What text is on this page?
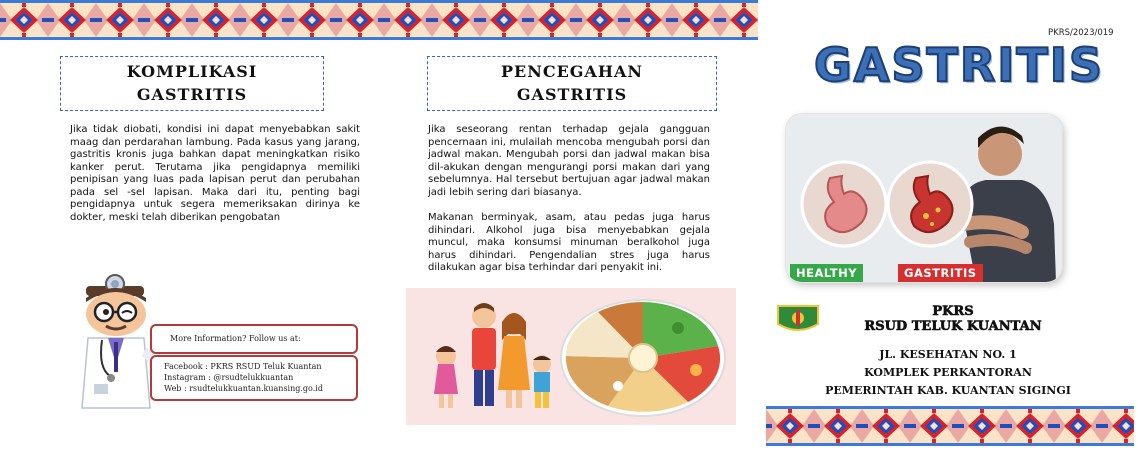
KOMPLIKASI
GASTRITIS
Jika tidak diobati, kondisi ini dapat menyebabkan sakit maag dan perdarahan lambung. Pada kasus yang jarang, gastritis kronis juga bahkan dapat meningkatkan risiko kanker perut. Terutama jika pengidapnya memiliki penipisan yang luas pada lapisan perut dan perubahan pada sel -sel lapisan. Maka dari itu, penting bagi pengidapnya untuk segera memeriksakan dirinya ke dokter, meski telah diberikan pengobatan
More Information? Follow us at:
Facebook : PKRS RSUD Teluk Kuantan
Instagram : @rsudtelukkuantan
Web : rsudtelukkuantan.kuansing.go.id
PENCEGAHAN
GASTRITIS
Jika seseorang rentan terhadap gejala gangguan pencernaan ini, mulailah mencoba mengubah porsi dan jadwal makan. Mengubah porsi dan jadwal makan bisa dil-akukan dengan mengurangi porsi makan dari yang sebelumnya. Hal tersebut bertujuan agar jadwal makan jadi lebih sering dari biasanya.
Makanan berminyak, asam, atau pedas juga harus dihindari. Alkohol juga bisa menyebabkan gejala muncul, maka konsumsi minuman beralkohol juga harus dihindari. Pengendalian stres juga harus dilakukan agar bisa terhindar dari penyakit ini.
PKRS/2023/019
GASTRITIS
HEALTHY	GASTRITIS
PKRS
RSUD TELUK KUANTAN
JL. KESEHATAN NO. 1
KOMPLEK PERKANTORAN
PEMERINTAH KAB. KUANTAN SIGINGI
